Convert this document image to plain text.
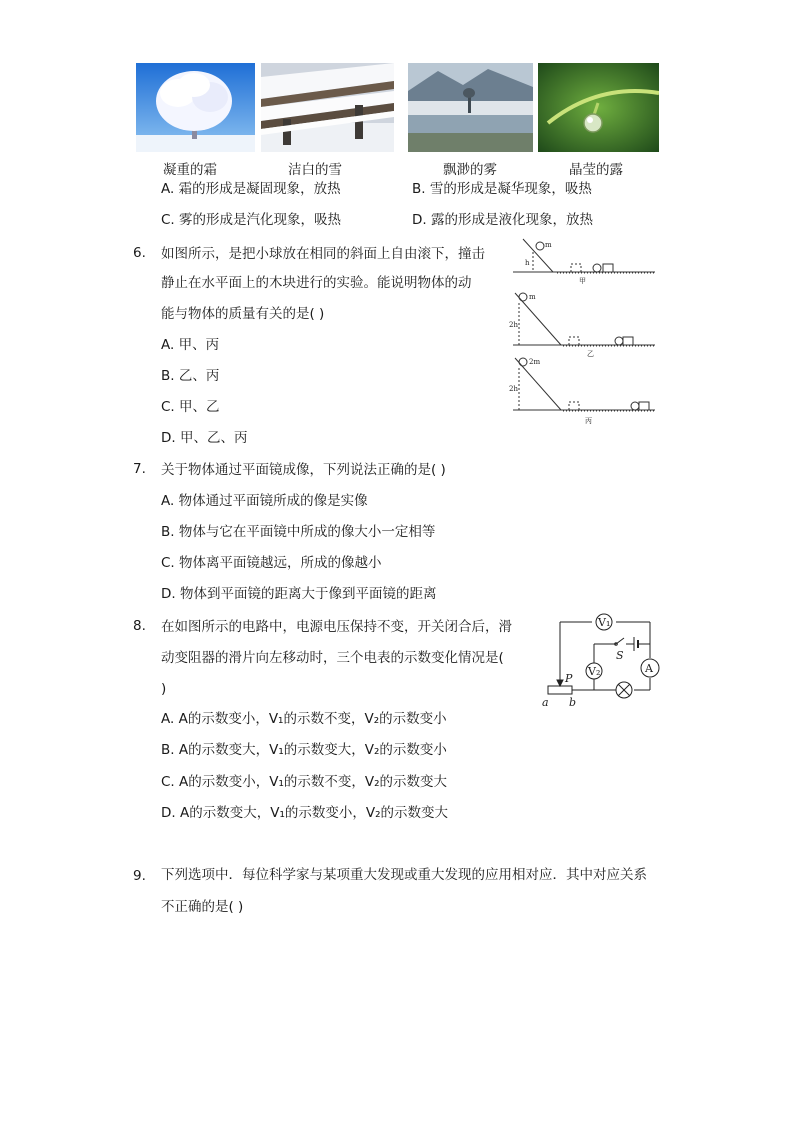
凝重的霜	洁白的雪	飘渺的雾	晶莹的露
A. 霜的形成是凝固现象，放热	B. 雪的形成是凝华现象，吸热
C. 雾的形成是汽化现象，吸热	D. 露的形成是液化现象，放热
6. 如图所示，是把小球放在相同的斜面上自由滚下，撞击
静止在水平面上的木块进行的实验。能说明物体的动
能与物体的质量有关的是( )
A. 甲、丙
B. 乙、丙
C. 甲、乙
D. 甲、乙、丙
m
h
甲
m
2h
乙
2m
2h
丙
7. 关于物体通过平面镜成像，下列说法正确的是( )
A. 物体通过平面镜所成的像是实像
B. 物体与它在平面镜中所成的像大小一定相等
C. 物体离平面镜越远，所成的像越小
D. 物体到平面镜的距离大于像到平面镜的距离
8. 在如图所示的电路中，电源电压保持不变，开关闭合后，滑
动变阻器的滑片向左移动时，三个电表的示数变化情况是(
)
A. A的示数变小，V₁的示数不变，V₂的示数变小
B. A的示数变大，V₁的示数变大，V₂的示数变小
C. A的示数变小，V₁的示数不变，V₂的示数变大
D. A的示数变大，V₁的示数变小，V₂的示数变大
V₁
S
V₂	A
P
a b
9. 下列选项中．每位科学家与某项重大发现或重大发现的应用相对应．其中对应关系
不正确的是( )
